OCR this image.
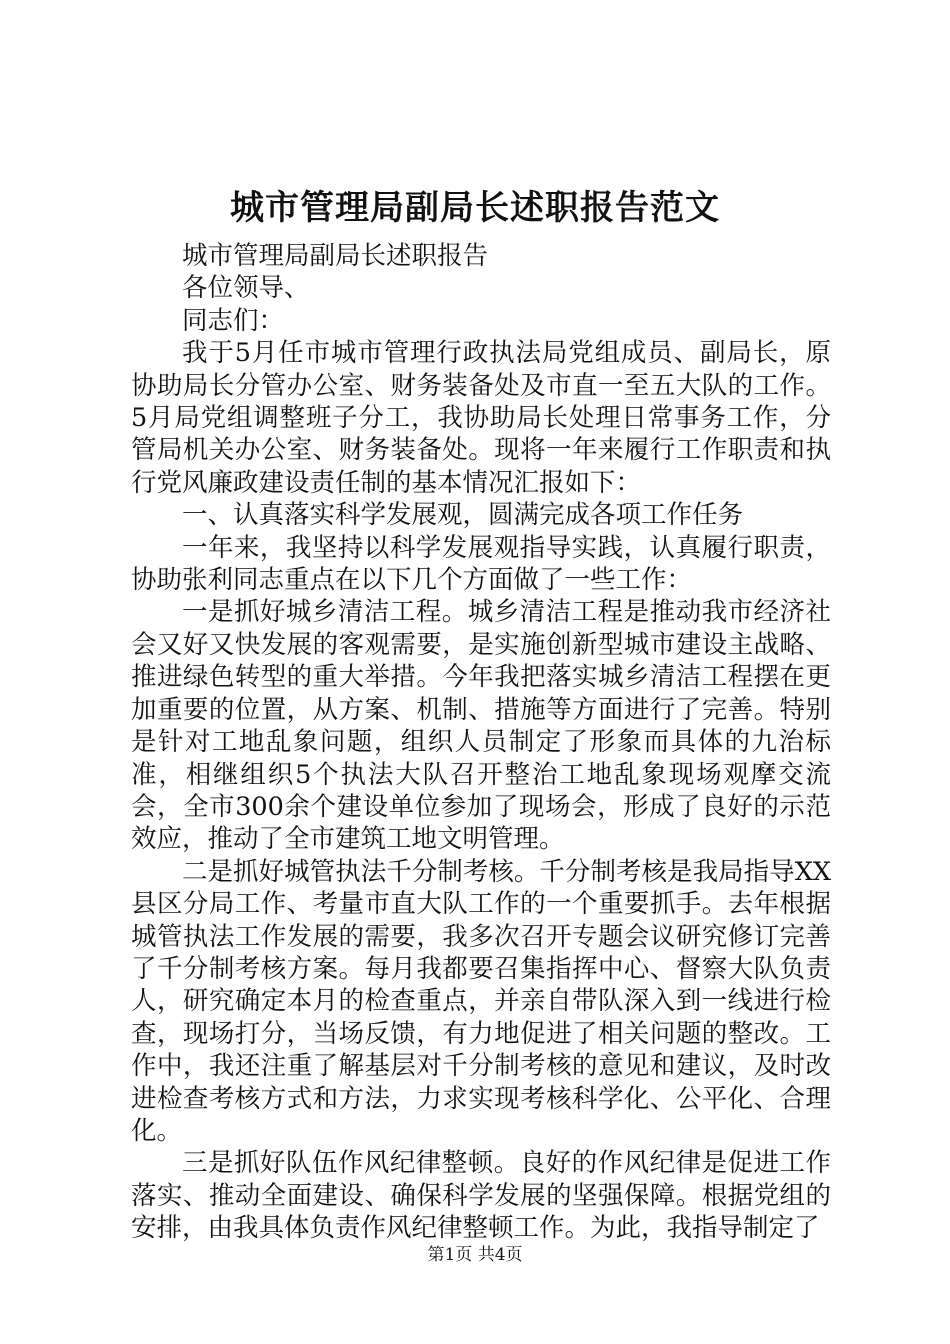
城市管理局副局长述职报告范文

城市管理局副局长述职报告

各位领导、

同志们：

我于5月任市城市管理行政执法局党组成员、副局长，原协助局长分管办公室、财务装备处及市直一至五大队的工作。5月局党组调整班子分工，我协助局长处理日常事务工作，分管局机关办公室、财务装备处。现将一年来履行工作职责和执行党风廉政建设责任制的基本情况汇报如下：

一、认真落实科学发展观，圆满完成各项工作任务

一年来，我坚持以科学发展观指导实践，认真履行职责，协助张利同志重点在以下几个方面做了一些工作：

一是抓好城乡清洁工程。城乡清洁工程是推动我市经济社会又好又快发展的客观需要，是实施创新型城市建设主战略、推进绿色转型的重大举措。今年我把落实城乡清洁工程摆在更加重要的位置，从方案、机制、措施等方面进行了完善。特别是针对工地乱象问题，组织人员制定了形象而具体的九治标准，相继组织5个执法大队召开整治工地乱象现场观摩交流会，全市300余个建设单位参加了现场会，形成了良好的示范效应，推动了全市建筑工地文明管理。

二是抓好城管执法千分制考核。千分制考核是我局指导XX县区分局工作、考量市直大队工作的一个重要抓手。去年根据城管执法工作发展的需要，我多次召开专题会议研究修订完善了千分制考核方案。每月我都要召集指挥中心、督察大队负责人，研究确定本月的检查重点，并亲自带队深入到一线进行检查，现场打分，当场反馈，有力地促进了相关问题的整改。工作中，我还注重了解基层对千分制考核的意见和建议，及时改进检查考核方式和方法，力求实现考核科学化、公平化、合理化。

三是抓好队伍作风纪律整顿。良好的作风纪律是促进工作落实、推动全面建设、确保科学发展的坚强保障。根据党组的安排，由我具体负责作风纪律整顿工作。为此，我指导制定了

第1页 共4页
